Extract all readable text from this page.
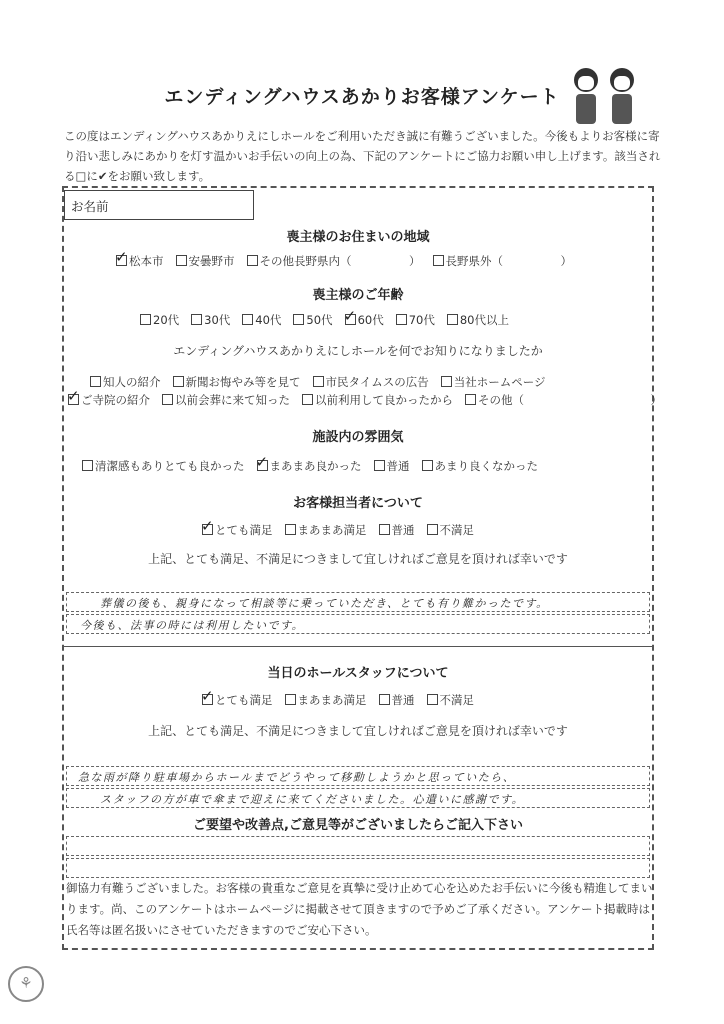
エンディングハウスあかりお客様アンケート
この度はエンディングハウスあかりえにしホールをご利用いただき誠に有難うございました。今後もよりお客様に寄り沿い悲しみにあかりを灯す温かいお手伝いの向上の為、下記のアンケートにご協力お願い申し上げます。該当される□に✔をお願い致します。
お名前
喪主様のお住まいの地域
✓松本市 安曇野市 その他長野県内（　　　　　） 長野県外（　　　　　）
喪主様のご年齢
20代 30代 40代 50代 ✓ 60代 70代 80代以上
エンディングハウスあかりえにしホールを何でお知りになりましたか
知人の紹介 新聞お悔やみ等を見て 市民タイムスの広告 当社ホームページ
✓ご寺院の紹介 以前会葬に来て知った 以前利用して良かったから その他（　　　　　　　　　　　）
施設内の雰囲気
清潔感もありとても良かった ✓ まあまあ良かった 普通 あまり良くなかった
お客様担当者について
✓とても満足 まあまあ満足 普通 不満足
上記、とても満足、不満足につきまして宜しければご意見を頂ければ幸いです
葬儀の後も、親身になって相談等に乗っていただき、とても有り難かったです。
今後も、法事の時には利用したいです。
当日のホールスタッフについて
✓とても満足 まあまあ満足 普通 不満足
上記、とても満足、不満足につきまして宜しければご意見を頂ければ幸いです
急な雨が降り駐車場からホールまでどうやって移動しようかと思っていたら、
スタッフの方が車で傘まで迎えに来てくださいました。心遣いに感謝です。
ご要望や改善点,ご意見等がございましたらご記入下さい
御協力有難うございました。お客様の貴重なご意見を真摯に受け止めて心を込めたお手伝いに今後も精進してまいります。尚、このアンケートはホームページに掲載させて頂きますので予めご了承ください。アンケート掲載時は氏名等は匿名扱いにさせていただきますのでご安心下さい。
⚘
